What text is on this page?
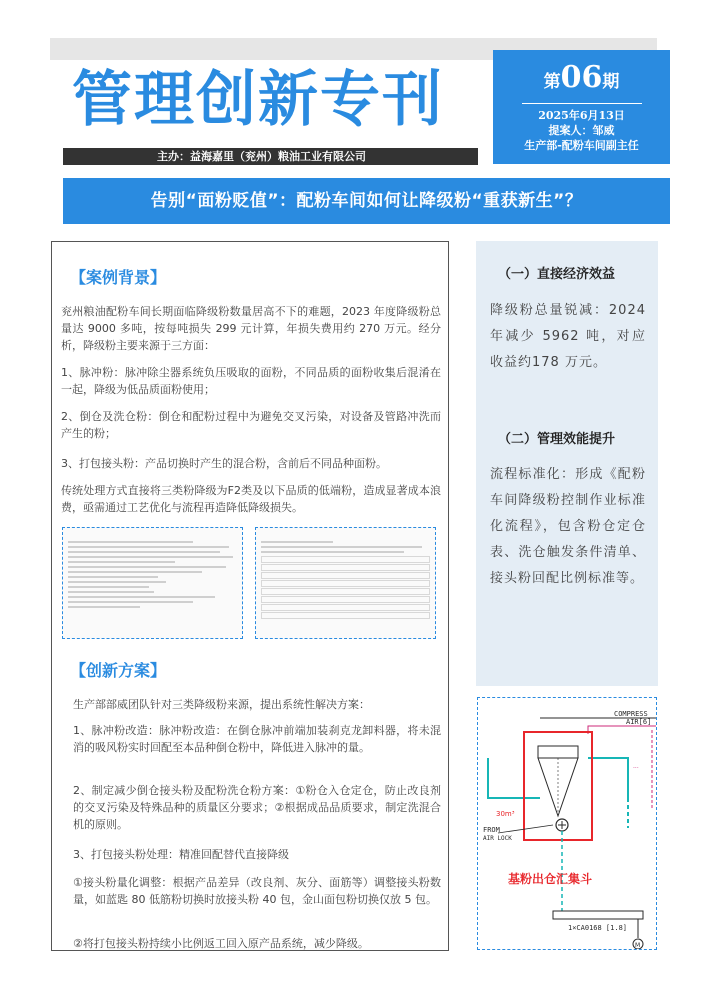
管理创新专刊
主办：益海嘉里（兖州）粮油工业有限公司
第06期
2025年6月13日
提案人：邹威
生产部-配粉车间副主任
告别“面粉贬值”：配粉车间如何让降级粉“重获新生”？
【案例背景】
兖州粮油配粉车间长期面临降级粉数量居高不下的难题，2023 年度降级粉总量达 9000 多吨，按每吨损失 299 元计算，年损失费用约 270 万元。经分析，降级粉主要来源于三方面：
1、脉冲粉：脉冲除尘器系统负压吸取的面粉，不同品质的面粉收集后混淆在一起，降级为低品质面粉使用；
2、倒仓及洗仓粉：倒仓和配粉过程中为避免交叉污染，对设备及管路冲洗而产生的粉；
3、打包接头粉：产品切换时产生的混合粉，含前后不同品种面粉。
传统处理方式直接将三类粉降级为F2类及以下品质的低端粉，造成显著成本浪费，亟需通过工艺优化与流程再造降低降级损失。

【创新方案】
生产部部威团队针对三类降级粉来源，提出系统性解决方案：
1、脉冲粉改造：脉冲粉改造：在倒仓脉冲前端加装刹克龙卸料器，将未混消的吸风粉实时回配至本品种倒仓粉中，降低进入脉冲的量。
2、制定减少倒仓接头粉及配粉洗仓粉方案：①粉仓入仓定仓，防止改良剂的交叉污染及特殊品种的质量区分要求；②根据成品品质要求，制定洗混合机的原则。
3、打包接头粉处理：精准回配替代直接降级
①接头粉量化调整：根据产品差异（改良剂、灰分、面筋等）调整接头粉数量，如蓝匙 80 低筋粉切换时放接头粉 40 包，金山面包粉切换仅放 5 包。
②将打包接头粉持续小比例返工回入原产品系统，减少降级。
（一）直接经济效益
降级粉总量锐减：2024 年减少 5962 吨，对应收益约178 万元。
（二）管理效能提升
流程标准化：形成《配粉车间降级粉控制作业标准化流程》，包含粉仓定仓表、洗仓触发条件清单、接头粉回配比例标准等。
COMPRESS
AIR[6]
...
FROM
AIR LOCK
30m³
基粉出仓汇集斗
1×CA0168 [1.8]
M
